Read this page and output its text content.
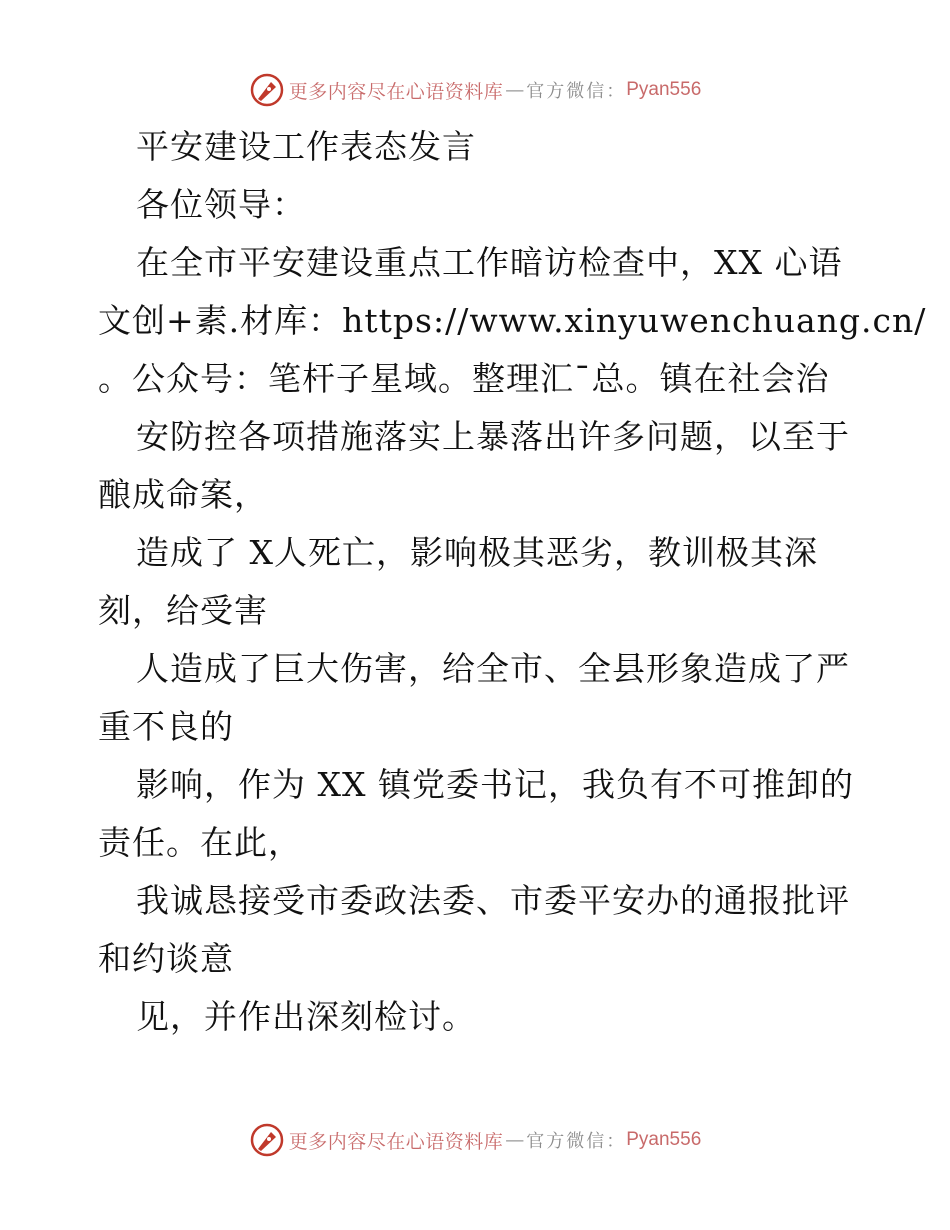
更多内容尽在心语资料库 — 官方微信： Pyan556
平安建设工作表态发言
各位领导：
在全市平安建设重点工作暗访检查中，XX 心语
文创+素.材库：https://www.xinyuwenchuang.cn/
。公众号：笔杆子星域。整理汇¯总。镇在社会治
安防控各项措施落实上暴落出许多问题，以至于
酿成命案，
造成了 X人死亡，影响极其恶劣，教训极其深
刻，给受害
人造成了巨大伤害，给全市、全县形象造成了严
重不良的
影响，作为 XX 镇党委书记，我负有不可推卸的
责任。在此，
我诚恳接受市委政法委、市委平安办的通报批评
和约谈意
见，并作出深刻检讨。
更多内容尽在心语资料库 — 官方微信： Pyan556
